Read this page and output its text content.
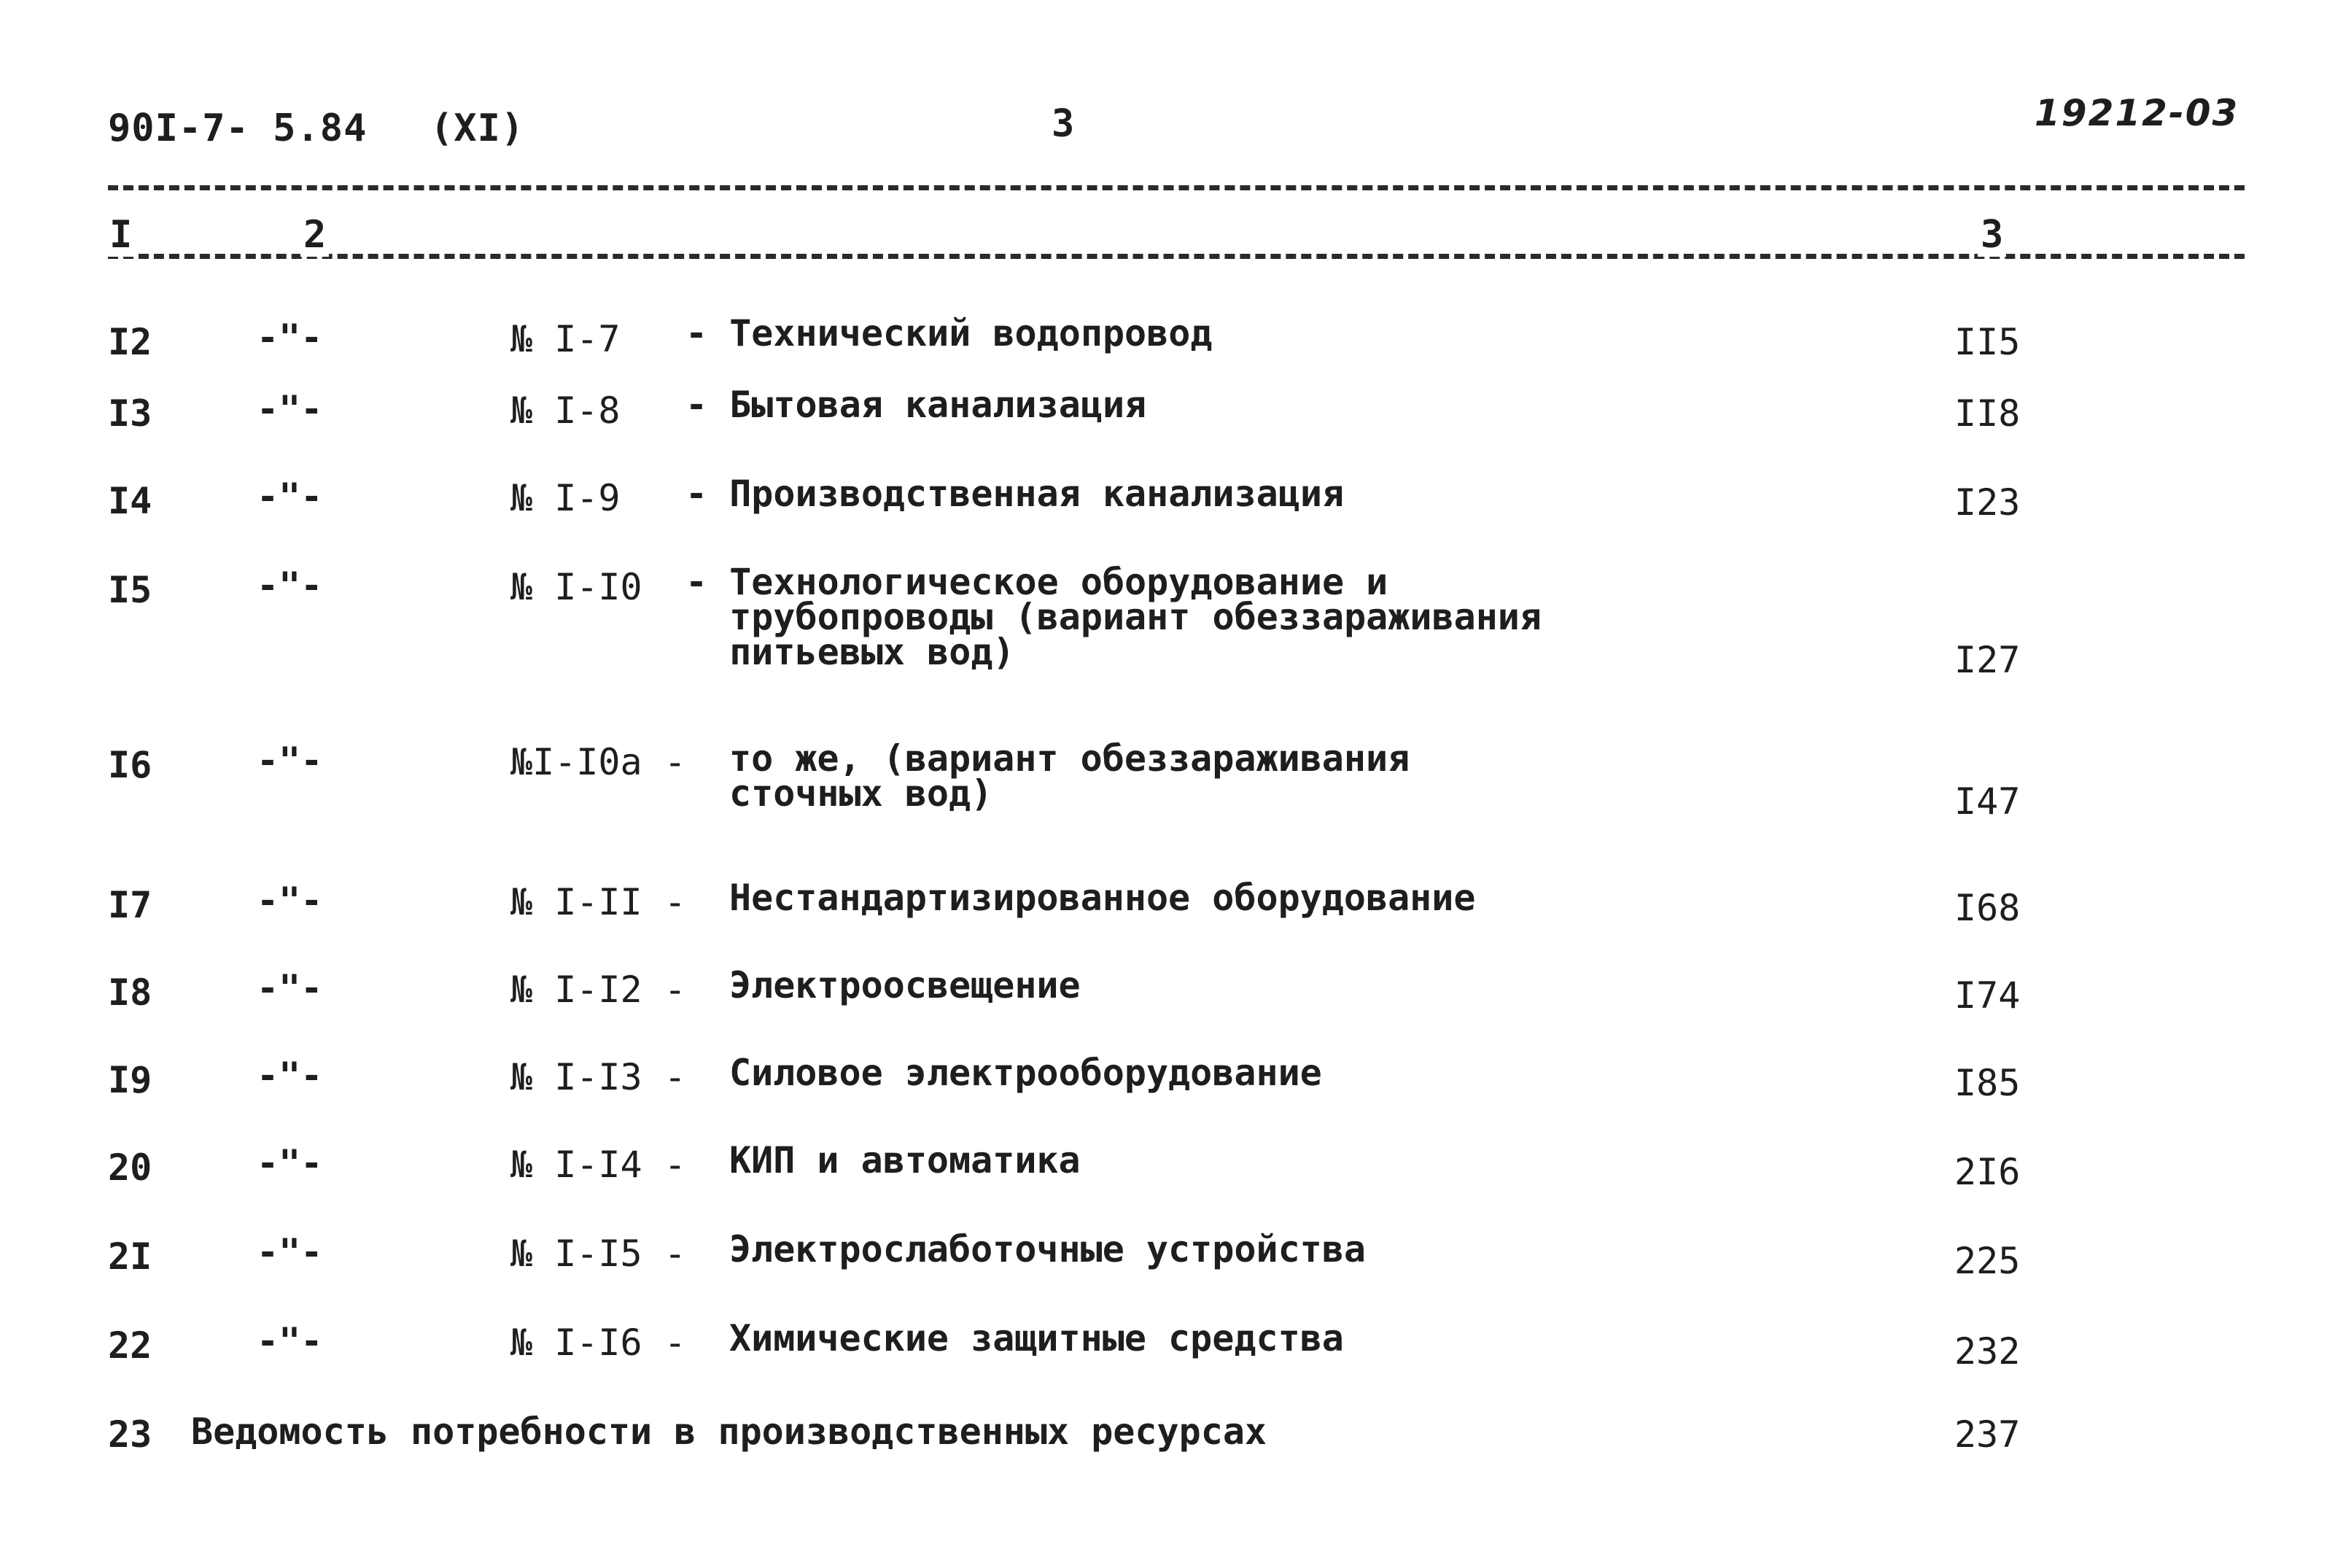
90I-7- 5.84 (XI)	3	19212-03
I	2	3
I2	-"-	№ I-7 - Технический водопровод	II5
I3	-"-	№ I-8 - Бытовая канализация	II8
I4	-"-	№ I-9 - Производственная канализация	I23
I5	-"-	№ I-I0 - Технологическое оборудование и
трубопроводы (вариант обеззараживания
питьевых вод)	I27
I6	-"-	№I-I0а - то же, (вариант обеззараживания
сточных вод)	I47
I7	-"-	№ I-II - Нестандартизированное оборудование	I68
I8	-"-	№ I-I2 - Электроосвещение	I74
I9	-"-	№ I-I3 - Силовое электрооборудование	I85
20	-"-	№ I-I4 - КИП и автоматика	2I6
2I	-"-	№ I-I5 - Электрослаботочные устройства	225
22	-"-	№ I-I6 - Химические защитные средства	232
23 Ведомость потребности в производственных ресурсах	237
